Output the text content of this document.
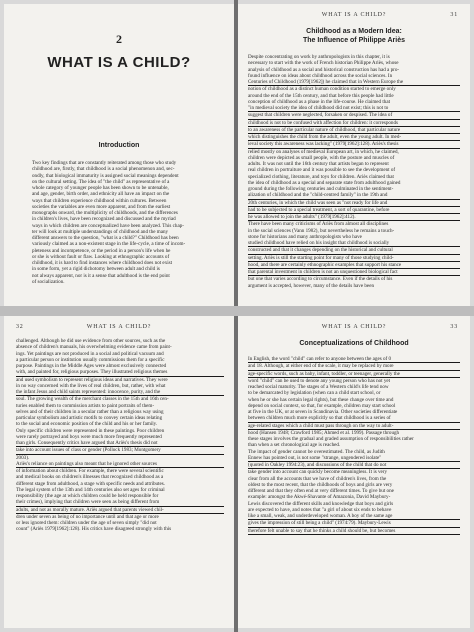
2
WHAT IS A CHILD?
Introduction
Two key findings that are constantly reiterated among those who study
childhood are, firstly, that childhood is a social phenomenon and, sec-
ondly, that biological immaturity is assigned social meanings dependent
on the cultural setting. The idea of "the child" as representative of a
whole category of younger people has been shown to be untenable,
and age, gender, birth order, and ethnicity all have an impact on the
ways that children experience childhood within cultures. Between
societies the variables are even more apparent, and from the earliest
monographs onward, the multiplicity of childhoods, and the differences
in children's lives, have been recognized and discussed and the myriad
ways in which children are conceptualized have been analyzed. This chap-
ter will look at multiple understandings of childhood and the many
different answers to the question, "what is a child?" Childhood has been
variously claimed as a non-existent stage in the life-cycle, a time of incom-
pleteness and incompetence, or the period in a person's life when he
or she is without fault or flaw. Looking at ethnographic accounts of
childhood, it is hard to find instances where childhood does not exist
in some form, yet a rigid dichotomy between adult and child is
not always apparent, nor is it a sense that adulthood is the end point
of socialization.
WHAT IS A CHILD?	31
Childhood as a Modern Idea:
The Influence of Philippe Ariès
Despite concentrating on work by anthropologists in this chapter, it is
necessary to start with the work of French historian Philippe Ariès, whose
analysis of childhood as a social and historical construction has had a pro-
found influence on ideas about childhood across the social sciences. In
Centuries of Childhood (1979[1962]) he claimed that in Western Europe the
notion of childhood as a distinct human condition started to emerge only
around the end of the 15th century, and that before this people had little
conception of childhood as a phase in the life-course. He claimed that
"in medieval society the idea of childhood did not exist; this is not to
suggest that children were neglected, forsaken or despised. The idea of
childhood is not to be confused with affection for children: it corresponds
to an awareness of the particular nature of childhood, that particular nature
which distinguishes the child from the adult, even the young adult. In med-
ieval society this awareness was lacking" (1979[1962]:128). Ariès's thesis
relied mostly on analyses of medieval European art, in which, he claimed,
children were depicted as small people, with the posture and muscles of
adults. It was not until the 16th century that artists began to represent
real children in portraiture and it was possible to see the development of
specialized clothing, literature, and toys for children. Ariès claimed that
the idea of childhood as a special and separate state from adulthood gained
ground during the following centuries and culminated in the sentiment-
alization of childhood and the "child-centred family" in the 19th and
20th centuries, in which the child was seen as "not ready for life and
had to be subjected to a special treatment, a sort of quarantine, before
he was allowed to join the adults" (1979[1962]:412).
There have been many criticisms of Ariès from almost all disciplines
in the social sciences (Vann 1982), but nevertheless he remains a touch-
stone for historians and many anthropologists who have
studied childhood have relied on his insight that childhood is socially
constructed and that it changes depending on the historical and cultural
setting. Ariès is still the starting point for many of those studying child-
hood, and there are certainly ethnographic examples that support his stance
that parental investment in children is not an unquestioned biological fact
but one that varies according to circumstance. Even if the details of his
argument is accepted, however, many of the details have been
32	WHAT IS A CHILD?
challenged. Although he did use evidence from other sources, such as the
absence of children's manuals, his overwhelming evidence came from paint-
ings. Yet paintings are not produced in a social and political vacuum and
a particular person or institution usually commissions them for a specific
purpose. Paintings in the Middle Ages were almost exclusively connected
with, and painted for, religious purposes. They illustrated religious themes
and used symbolism to represent religious ideas and narratives. They were
in no way concerned with the lives of real children, but, rather, with what
the infant Jesus and child saints represented: innocence, purity, and the
soul. The growing wealth of the merchant classes in the 15th and 16th cen-
turies enabled them to commission artists to paint portraits of them-
selves and of their children in a secular rather than a religious way using
particular symbolism and artistic motifs to convey certain ideas relating
to the social and economic position of the child and his or her family.
Only specific children were represented in these paintings. Poor children
were rarely portrayed and boys were much more frequently represented
than girls. Consequently critics have argued that Ariès's thesis did not
take into account issues of class or gender (Pollock 1983; Montgomery
2003).
Ariès's reliance on paintings also meant that he ignored other sources
of information about children. For example, there were several scientific
and medical books on children's illnesses that recognized childhood as a
different stage from adulthood, a stage with specific needs and attributes.
The legal system of the 13th and 14th centuries also set ages for criminal
responsibility (the age at which children could be held responsible for
their crimes), implying that children were seen as being different from
adults, and not as morally mature. Ariès argued that parents viewed chil-
dren under seven as being of no importance until and that age or more
or less ignored them: children under the age of seven simply "did not
count" (Ariès 1979[1962]:128). His critics have disagreed strongly with this
WHAT IS A CHILD?	33
Conceptualizations of Childhood
In English, the word "child" can refer to anyone between the ages of 0
and 18. Although, at either end of the scale, it may be replaced by more
age-specific words, such as baby, infant, toddler, or teenager, generally the
word "child" can be used to denote any young person who has not yet
reached social maturity. The stages of a Western child's life tend now
to be demarcated by legislation (when can a child start school, or
when he or she has certain legal rights), but these change over time and
depend on social context, so that, for example, children may start school
at five in the UK, or at seven in Scandinavia. Other societies differentiate
between children much more explicitly so that childhood is a series of
age-related stages which a child must pass through on the way to adult-
hood (Hansen 1948; Crawford 1985; Ahmed et al. 1999). Passage through
these stages involves the gradual and graded assumption of responsibilities rather
than when a set chronological age is reached.
The impact of gender cannot be overestimated. The child, as Judith
Ennew has pointed out, is not some "strange, ungendered isolate"
(quoted in Oakley 1994:23), and discussions of the child that do not
take gender into account can quickly become meaningless. It is very
clear from all the accounts that we have of children's lives, from the
oldest to the most recent, that the childhoods of boys and girls are very
different and that they often end at very different times. To give but one
example: amongst the Akwé-Shavante of Amazonia, David Maybury-
Lewis discovered the different skills and knowledge that boys and girls
are expected to have, and notes that "a girl of about six ends to behave
like a small, weak, and underdeveloped woman. A boy of the same age
gives the impression of still being a child" (1974:79). Maybury-Lewis
therefore felt unable to say that he thinks a child should be, but becomes
